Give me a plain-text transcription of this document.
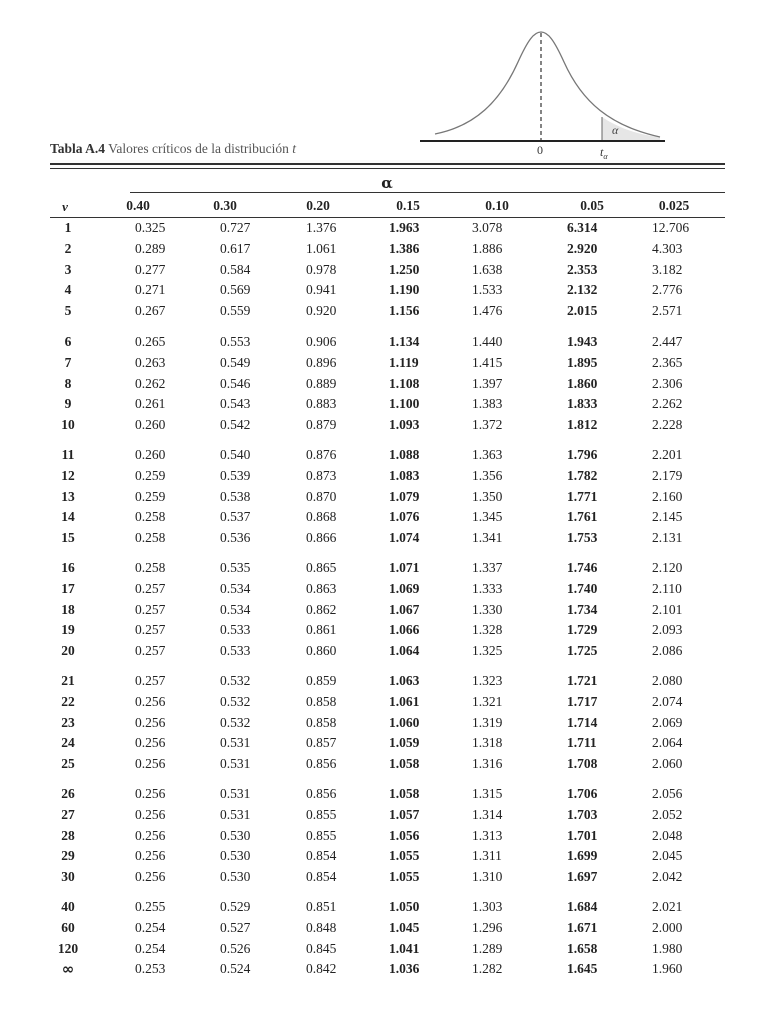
0
α
$t_\alpha$
Tabla A.4 Valores críticos de la distribución t
α
v	0.40	0.30	0.20	0.15	0.10	0.05	0.025
1	0.325	0.727	1.376	1.963	3.078	6.314	12.706
2	0.289	0.617	1.061	1.386	1.886	2.920	4.303
3	0.277	0.584	0.978	1.250	1.638	2.353	3.182
4	0.271	0.569	0.941	1.190	1.533	2.132	2.776
5	0.267	0.559	0.920	1.156	1.476	2.015	2.571
6	0.265	0.553	0.906	1.134	1.440	1.943	2.447
7	0.263	0.549	0.896	1.119	1.415	1.895	2.365
8	0.262	0.546	0.889	1.108	1.397	1.860	2.306
9	0.261	0.543	0.883	1.100	1.383	1.833	2.262
10	0.260	0.542	0.879	1.093	1.372	1.812	2.228
11	0.260	0.540	0.876	1.088	1.363	1.796	2.201
12	0.259	0.539	0.873	1.083	1.356	1.782	2.179
13	0.259	0.538	0.870	1.079	1.350	1.771	2.160
14	0.258	0.537	0.868	1.076	1.345	1.761	2.145
15	0.258	0.536	0.866	1.074	1.341	1.753	2.131
16	0.258	0.535	0.865	1.071	1.337	1.746	2.120
17	0.257	0.534	0.863	1.069	1.333	1.740	2.110
18	0.257	0.534	0.862	1.067	1.330	1.734	2.101
19	0.257	0.533	0.861	1.066	1.328	1.729	2.093
20	0.257	0.533	0.860	1.064	1.325	1.725	2.086
21	0.257	0.532	0.859	1.063	1.323	1.721	2.080
22	0.256	0.532	0.858	1.061	1.321	1.717	2.074
23	0.256	0.532	0.858	1.060	1.319	1.714	2.069
24	0.256	0.531	0.857	1.059	1.318	1.711	2.064
25	0.256	0.531	0.856	1.058	1.316	1.708	2.060
26	0.256	0.531	0.856	1.058	1.315	1.706	2.056
27	0.256	0.531	0.855	1.057	1.314	1.703	2.052
28	0.256	0.530	0.855	1.056	1.313	1.701	2.048
29	0.256	0.530	0.854	1.055	1.311	1.699	2.045
30	0.256	0.530	0.854	1.055	1.310	1.697	2.042
40	0.255	0.529	0.851	1.050	1.303	1.684	2.021
60	0.254	0.527	0.848	1.045	1.296	1.671	2.000
120	0.254	0.526	0.845	1.041	1.289	1.658	1.980
∞	0.253	0.524	0.842	1.036	1.282	1.645	1.960
